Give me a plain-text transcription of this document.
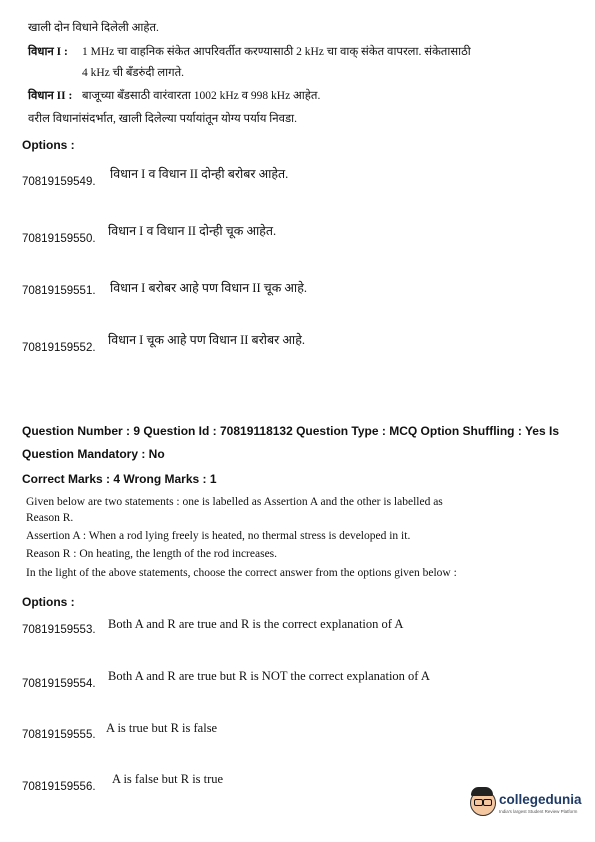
खाली दोन विधाने दिलेली आहेत.
विधान I : 1 MHz चा वाहनिक संकेत आपरिवर्तीत करण्यासाठी 2 kHz चा वाक् संकेत वापरला. संकेतासाठी
4 kHz ची बँडरुंदी लागते.
विधान II : बाजूच्या बँडसाठी वारंवारता 1002 kHz व 998 kHz आहेत.
वरील विधानांसंदर्भात, खाली दिलेल्या पर्यायांतून योग्य पर्याय निवडा.
Options :
70819159549.
विधान I व विधान II दोन्ही बरोबर आहेत.
70819159550.
विधान I व विधान II दोन्ही चूक आहेत.
70819159551. विधान I बरोबर आहे पण विधान II चूक आहे.
70819159552.
विधान I चूक आहे पण विधान II बरोबर आहे.
Question Number : 9 Question Id : 70819118132 Question Type : MCQ Option Shuffling : Yes Is
Question Mandatory : No
Correct Marks : 4 Wrong Marks : 1
Given below are two statements : one is labelled as Assertion A and the other is labelled as
Reason R.
Assertion A : When a rod lying freely is heated, no thermal stress is developed in it.
Reason R : On heating, the length of the rod increases.
In the light of the above statements, choose the correct answer from the options given below :
Options :
70819159553. Both A and R are true and R is the correct explanation of A
70819159554.
Both A and R are true but R is NOT the correct explanation of A
70819159555. A is true but R is false
70819159556.
A is false but R is true
collegedunia
India's largest Student Review Platform
